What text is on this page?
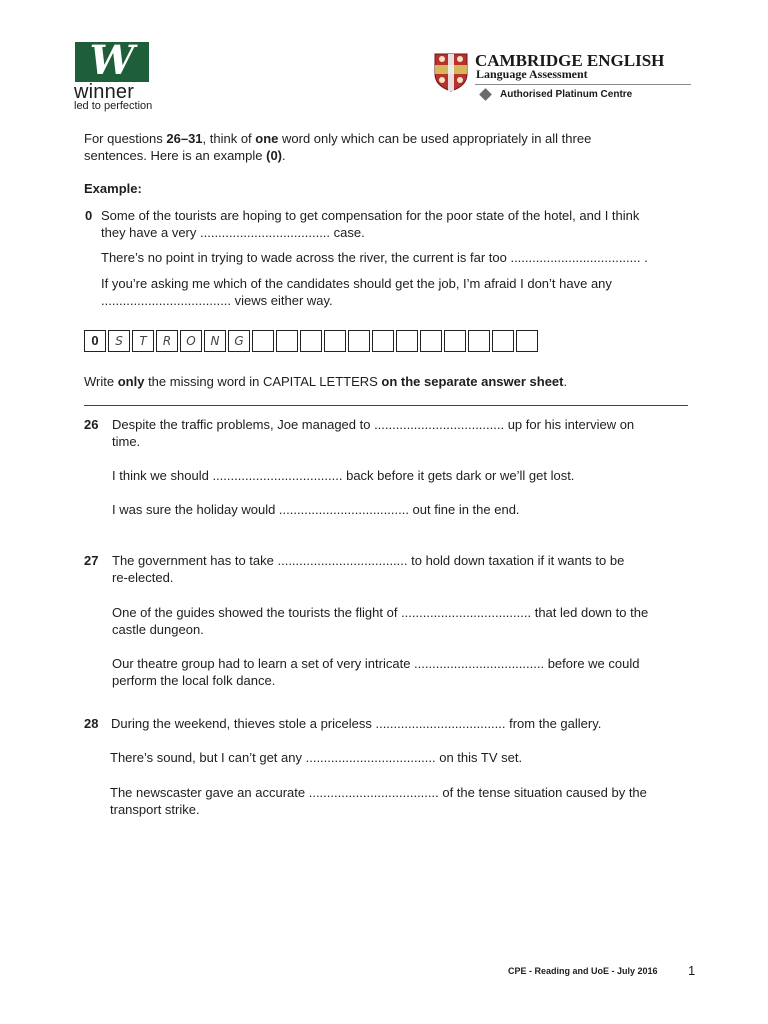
W
winner
led to perfection
CAMBRIDGE ENGLISH
Language Assessment
Authorised Platinum Centre
For questions 26–31, think of one word only which can be used appropriately in all three
sentences. Here is an example (0).
Example:
0 Some of the tourists are hoping to get compensation for the poor state of the hotel, and I think
they have a very .................................... case.
There’s no point in trying to wade across the river, the current is far too .................................... .
If you’re asking me which of the candidates should get the job, I’m afraid I don’t have any
.................................... views either way.
0	S	T	R	O	N	G
Write only the missing word in CAPITAL LETTERS on the separate answer sheet.
26 Despite the traffic problems, Joe managed to .................................... up for his interview on
time.
I think we should .................................... back before it gets dark or we’ll get lost.
I was sure the holiday would .................................... out fine in the end.
27 The government has to take .................................... to hold down taxation if it wants to be
re-elected.
One of the guides showed the tourists the flight of .................................... that led down to the
castle dungeon.
Our theatre group had to learn a set of very intricate .................................... before we could
perform the local folk dance.
28 During the weekend, thieves stole a priceless .................................... from the gallery.
There’s sound, but I can’t get any .................................... on this TV set.
The newscaster gave an accurate .................................... of the tense situation caused by the
transport strike.
CPE - Reading and UoE - July 2016 1
